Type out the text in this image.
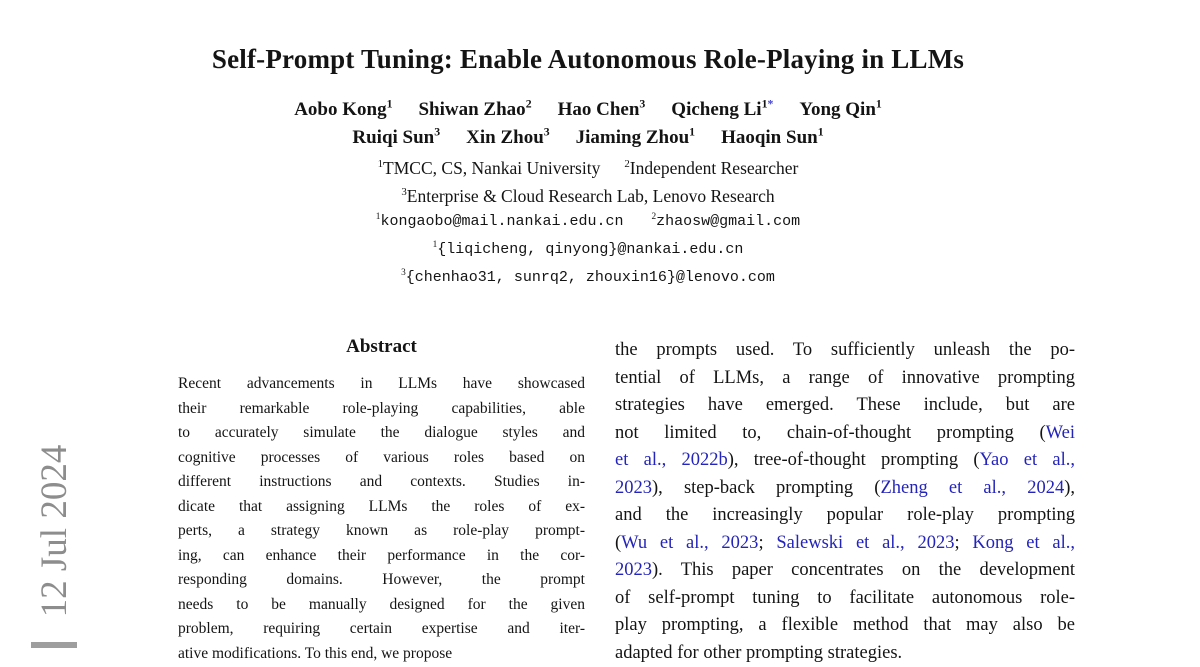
12 Jul 2024
Self-Prompt Tuning: Enable Autonomous Role-Playing in LLMs
Aobo Kong$^1$ Shiwan Zhao$^2$ Hao Chen$^3$ Qicheng $Li^{1*}$ Yong Qin$^1$
Ruiqi Sun$^3$ Xin Zhou$^3$ Jiaming Zhou$^1$ Haoqin Sun$^1$
$^1$TMCC, CS, Nankai University $^2$Independent Researcher
$^3$Enterprise & Cloud Research Lab, Lenovo Research
$^1$kongaobo@mail.nankai.edu.cn	$^2$zhaosw@gmail.com
$^1${liqicheng, qinyong}@nankai.edu.cn
$^3${chenhao31, sunrq2, zhouxin16}@lenovo.com
Abstract
Recent advancements in LLMs have showcased
their remarkable role-playing capabilities, able
to accurately simulate the dialogue styles and
cognitive processes of various roles based on
different instructions and contexts. Studies in-
dicate that assigning LLMs the roles of ex-
perts, a strategy known as role-play prompt-
ing, can enhance their performance in the cor-
responding domains. However, the prompt
needs to be manually designed for the given
problem, requiring certain expertise and iter-
ative modifications. To this end, we propose
the prompts used. To sufficiently unleash the po-
tential of LLMs, a range of innovative prompting
strategies have emerged. These include, but are
not limited to, chain-of-thought prompting (Wei
et al., 2022b), tree-of-thought prompting (Yao et al.,
2023), step-back prompting (Zheng et al., 2024),
and the increasingly popular role-play prompting
(Wu et al., 2023; Salewski et al., 2023; Kong et al.,
2023). This paper concentrates on the development
of self-prompt tuning to facilitate autonomous role-
play prompting, a flexible method that may also be
adapted for other prompting strategies.
